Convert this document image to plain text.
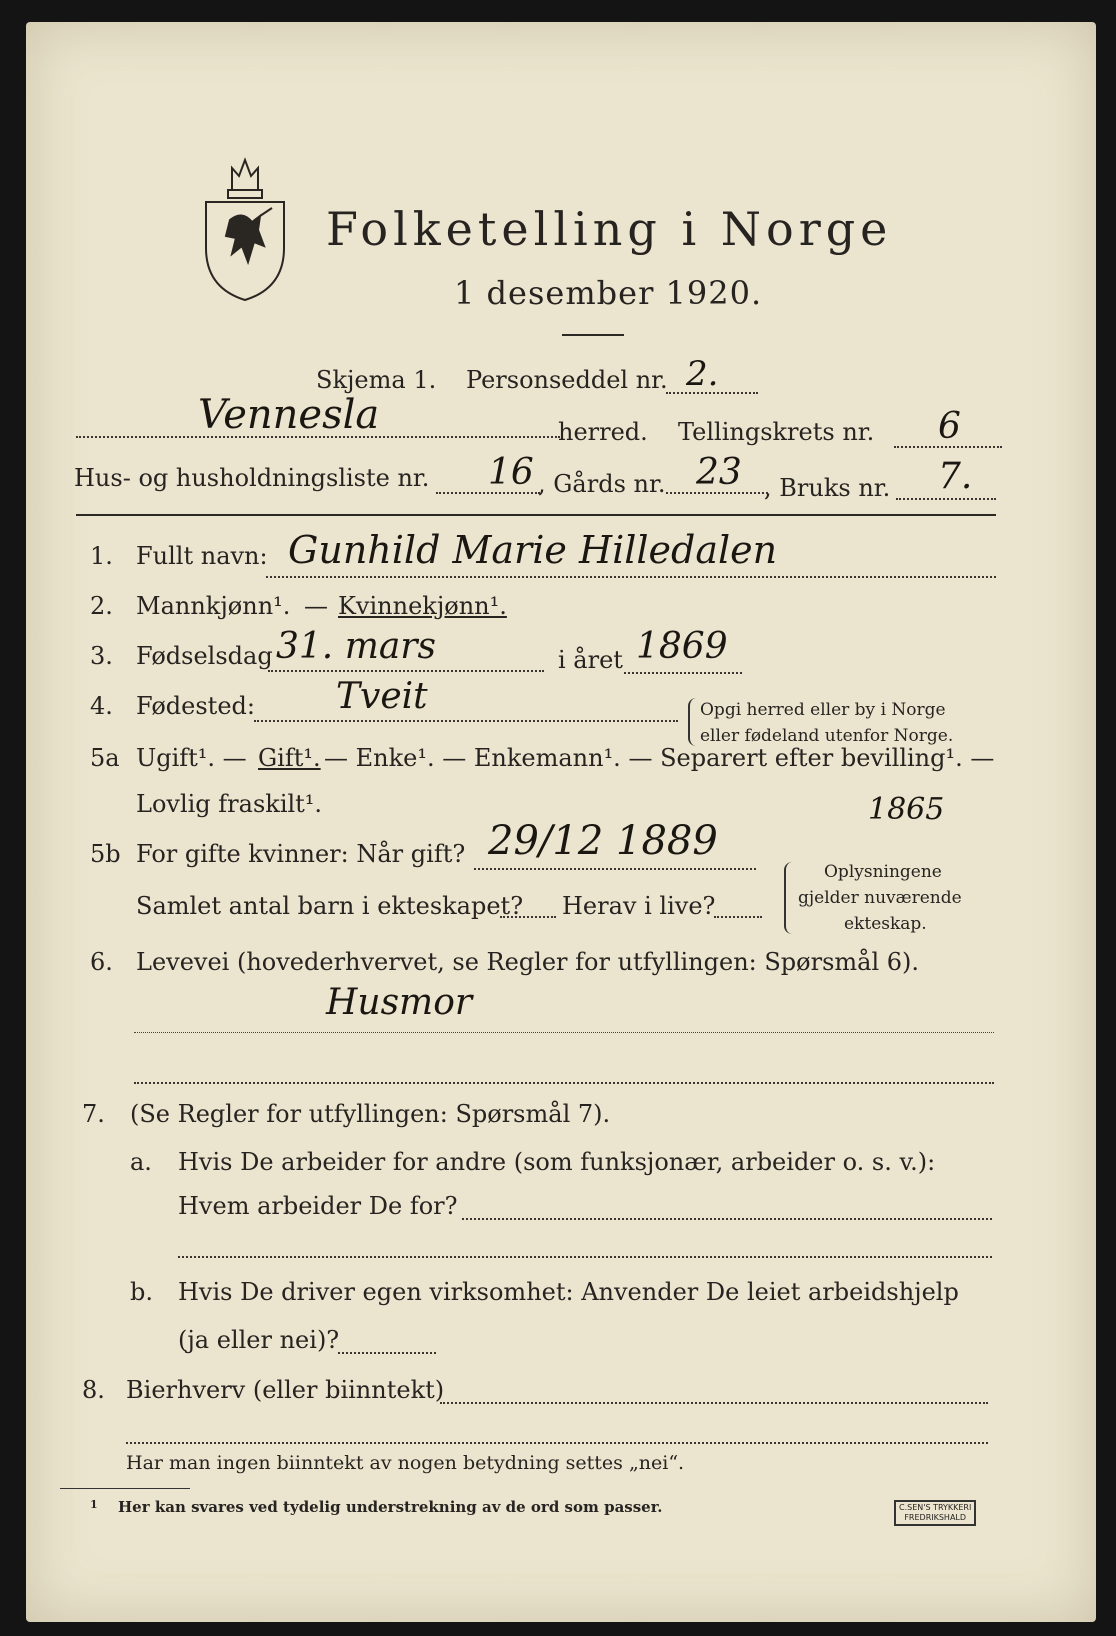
Folketelling i Norge
1 desember 1920.
Skjema 1. Personseddel nr. 2.
Vennesla	herred. Tellingskrets nr. 6
Hus- og husholdningsliste nr. 16 , Gårds nr. 23 , Bruks nr. 7.
1. Fullt navn: Gunhild Marie Hilledalen
2. Mannkjønn¹. — Kvinnekjønn¹.
3. Fødselsdag 31. mars	i året 1869
4. Fødested: Tveit	Opgi herred eller by i Norge
eller fødeland utenfor Norge.
5a Ugift¹. — Gift¹. — Enke¹. — Enkemann¹. — Separert efter bevilling¹. —
Lovlig fraskilt¹.
5b For gifte kvinner: Når gift? 29/12 1889
1865
Samlet antal barn i ekteskapet? Herav i live?
Oplysningene
gjelder nuværende
ekteskap.
6. Levevei (hovederhvervet, se Regler for utfyllingen: Spørsmål 6).
Husmor
7. (Se Regler for utfyllingen: Spørsmål 7).
a. Hvis De arbeider for andre (som funksjonær, arbeider o. s. v.):
Hvem arbeider De for?
b. Hvis De driver egen virksomhet: Anvender De leiet arbeidshjelp
(ja eller nei)?
8. Bierhverv (eller biinntekt)
Har man ingen biinntekt av nogen betydning settes „nei“.
1 Her kan svares ved tydelig understrekning av de ord som passer.	C.SEN'S TRYKKERI
FREDRIKSHALD
